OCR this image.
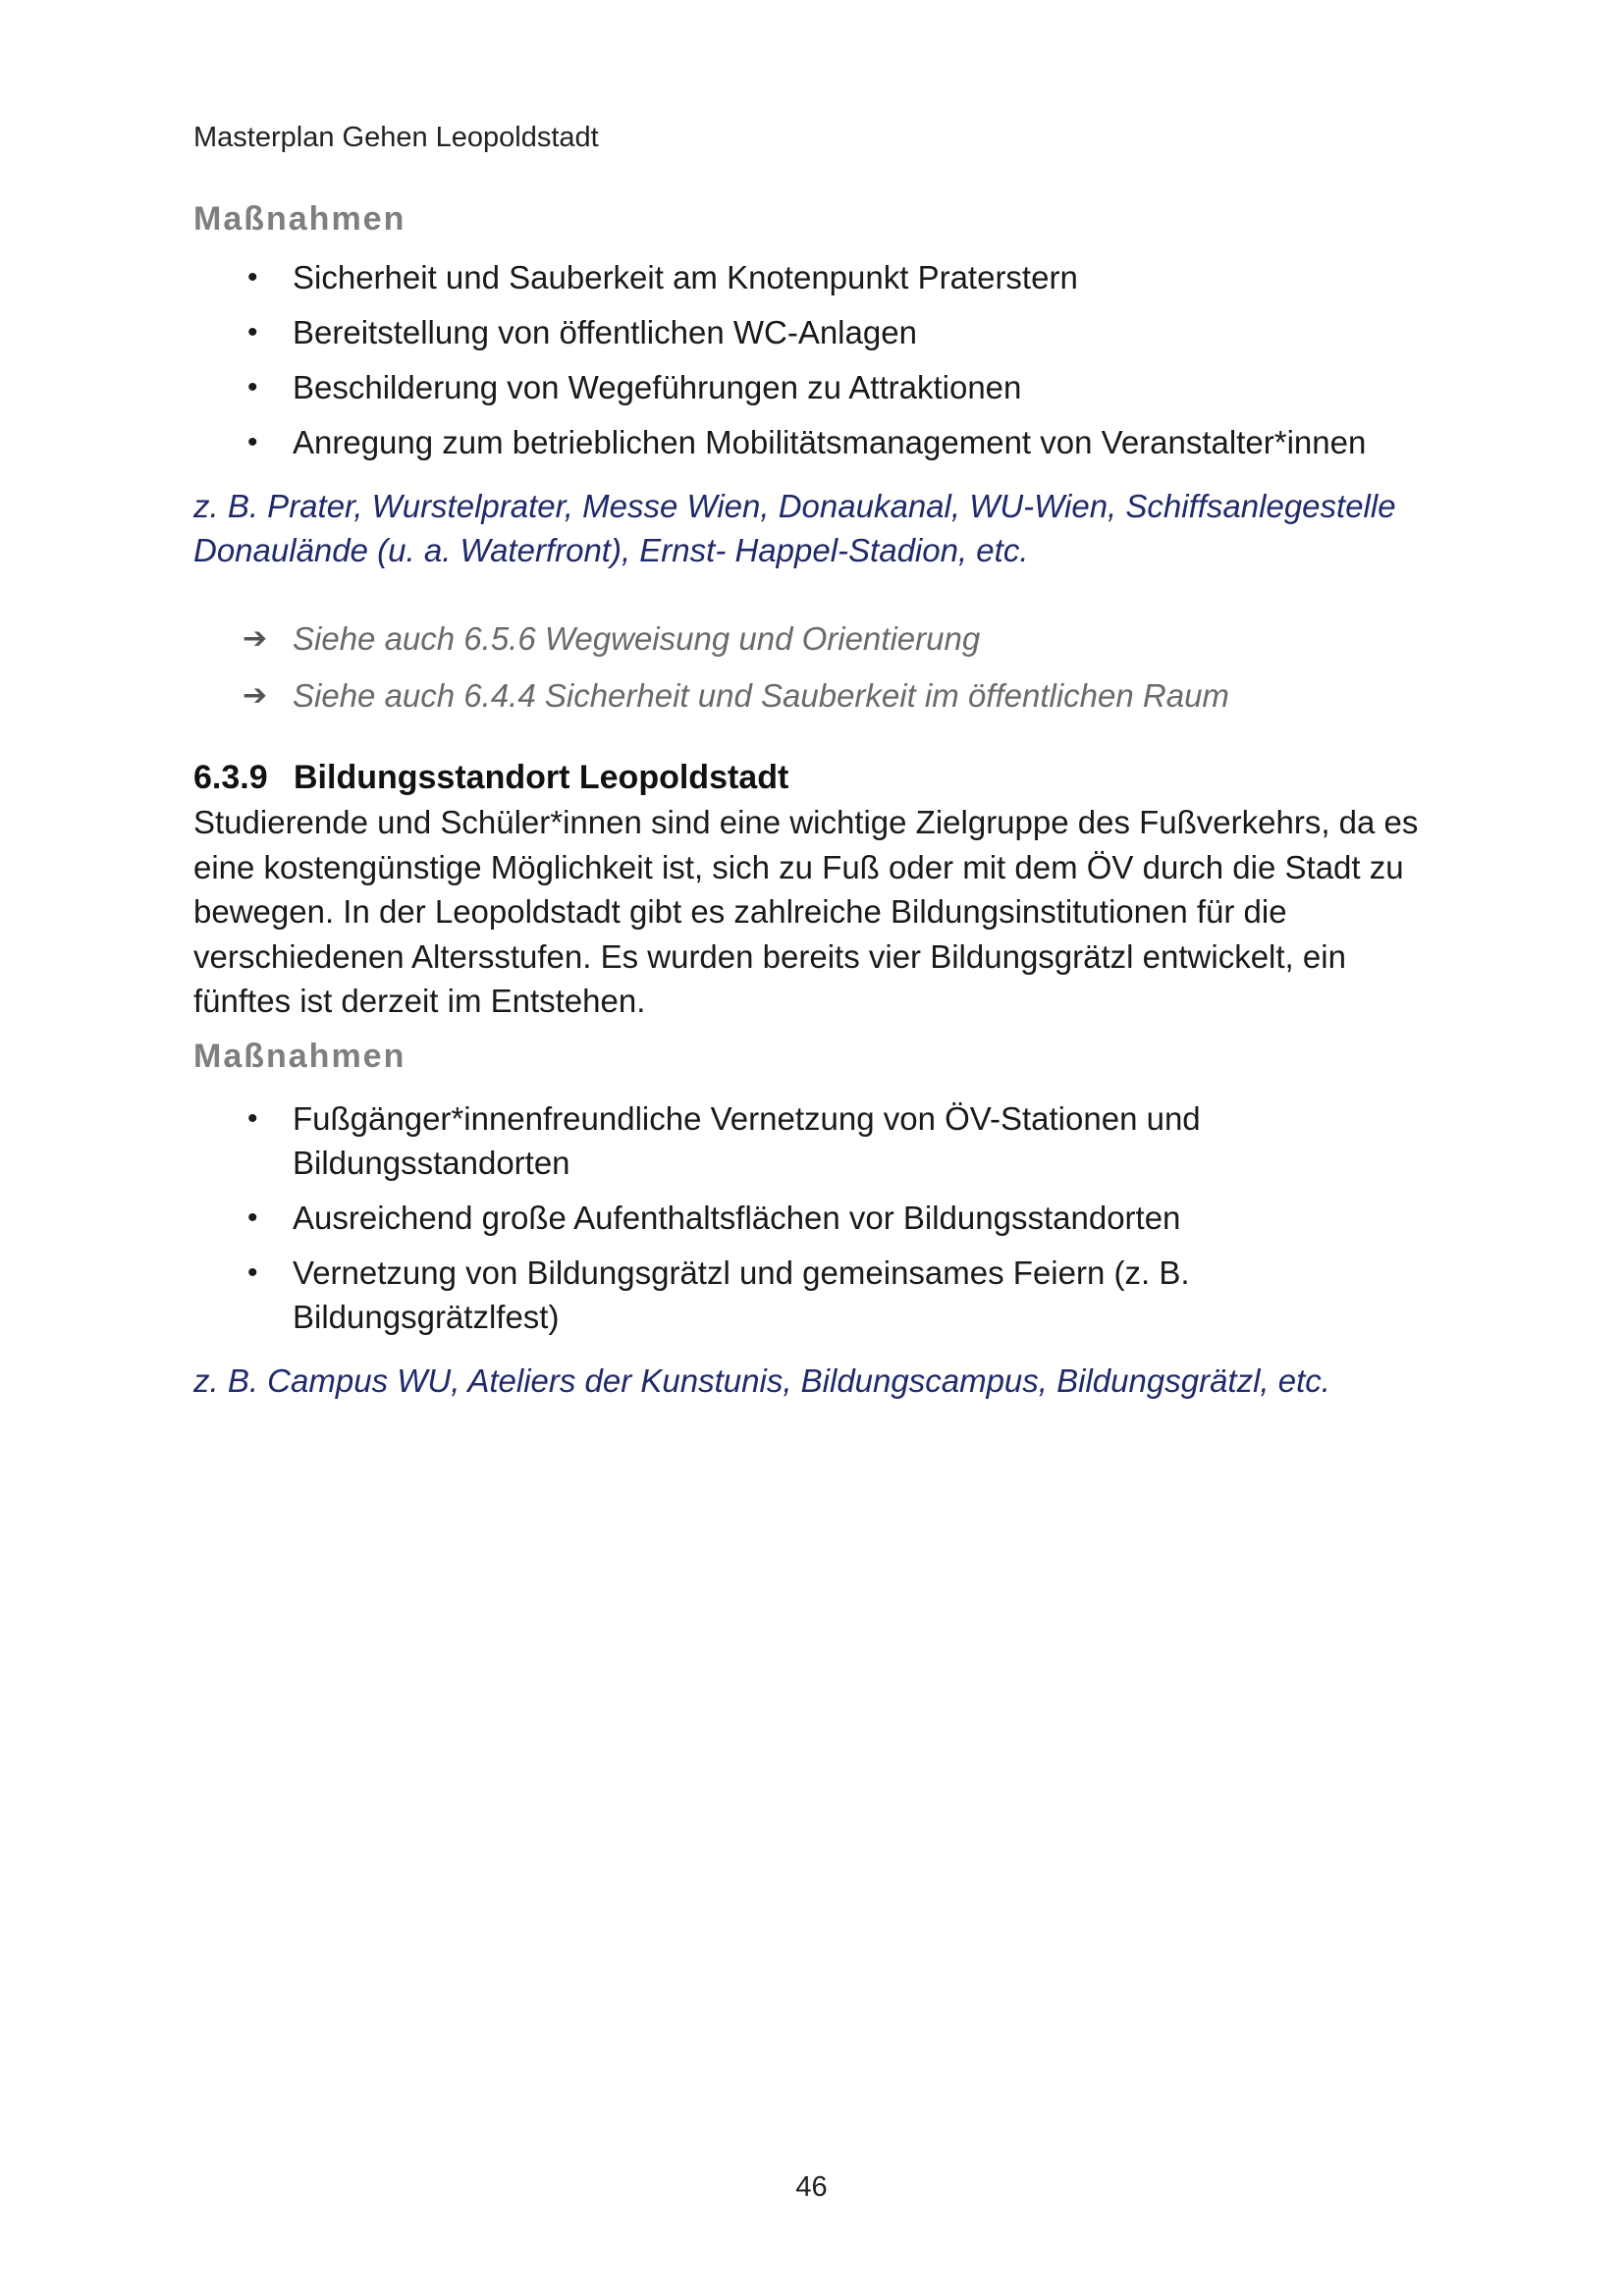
Masterplan Gehen Leopoldstadt
Maßnahmen
• Sicherheit und Sauberkeit am Knotenpunkt Praterstern
• Bereitstellung von öffentlichen WC-Anlagen
• Beschilderung von Wegeführungen zu Attraktionen
• Anregung zum betrieblichen Mobilitätsmanagement von Veranstalter*innen

z. B. Prater, Wurstelprater, Messe Wien, Donaukanal, WU-Wien, Schiffsanlegestelle Donaulände (u. a. Waterfront), Ernst- Happel-Stadion, etc.

➔ Siehe auch 6.5.6 Wegweisung und Orientierung
➔ Siehe auch 6.4.4 Sicherheit und Sauberkeit im öffentlichen Raum
6.3.9 Bildungsstandort Leopoldstadt

Studierende und Schüler*innen sind eine wichtige Zielgruppe des Fußverkehrs, da es eine kostengünstige Möglichkeit ist, sich zu Fuß oder mit dem ÖV durch die Stadt zu bewegen. In der Leopoldstadt gibt es zahlreiche Bildungsinstitutionen für die verschiedenen Altersstufen. Es wurden bereits vier Bildungsgrätzl entwickelt, ein fünftes ist derzeit im Entstehen.

Maßnahmen
• Fußgänger*innenfreundliche Vernetzung von ÖV-Stationen und Bildungsstandorten
• Ausreichend große Aufenthaltsflächen vor Bildungsstandorten
• Vernetzung von Bildungsgrätzl und gemeinsames Feiern (z. B. Bildungsgrätzlfest)

z. B. Campus WU, Ateliers der Kunstunis, Bildungscampus, Bildungsgrätzl, etc.

46
